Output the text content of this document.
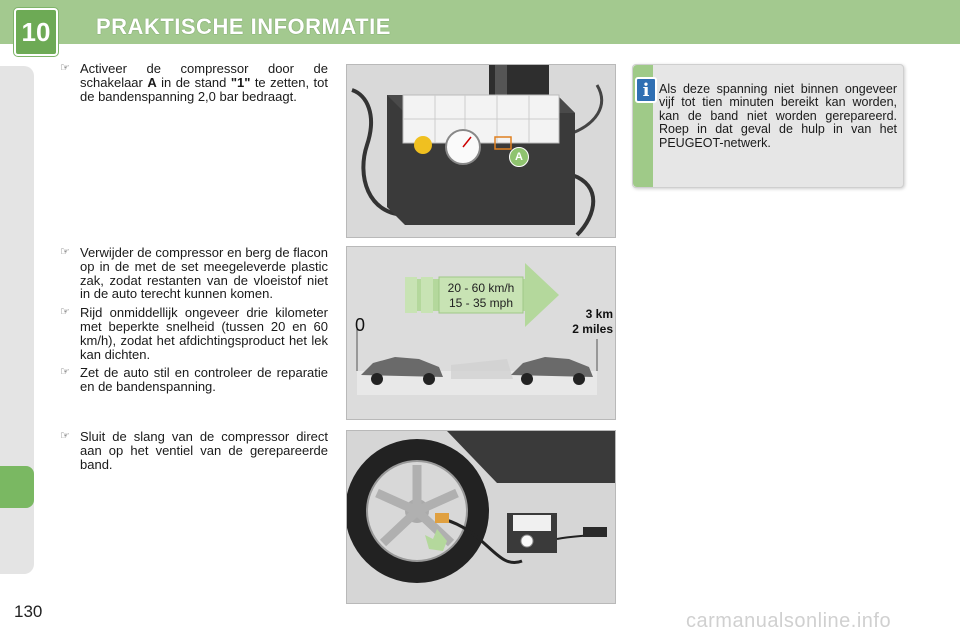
10	PRAKTISCHE INFORMATIE
130
☞ Activeer de compressor door de schakelaar A in de stand "1" te zetten, tot de bandenspanning 2,0 bar bedraagt.
☞ Verwijder de compressor en berg de flacon op in de met de set meegeleverde plastic zak, zodat restanten van de vloeistof niet in de auto terecht kunnen komen.
☞ Rijd onmiddellijk ongeveer drie kilometer met beperkte snelheid (tussen 20 en 60 km/h), zodat het afdichtingsproduct het lek kan dichten.
☞ Zet de auto stil en controleer de reparatie en de bandenspanning.
☞ Sluit de slang van de compressor direct aan op het ventiel van de gerepareerde band.
A
20 - 60 km/h
15 - 35 mph
0
3 km
2 miles
i Als deze spanning niet binnen ongeveer vijf tot tien minuten bereikt kan worden, kan de band niet worden gerepareerd. Roep in dat geval de hulp in van het PEUGEOT-netwerk.
carmanualsonline.info
